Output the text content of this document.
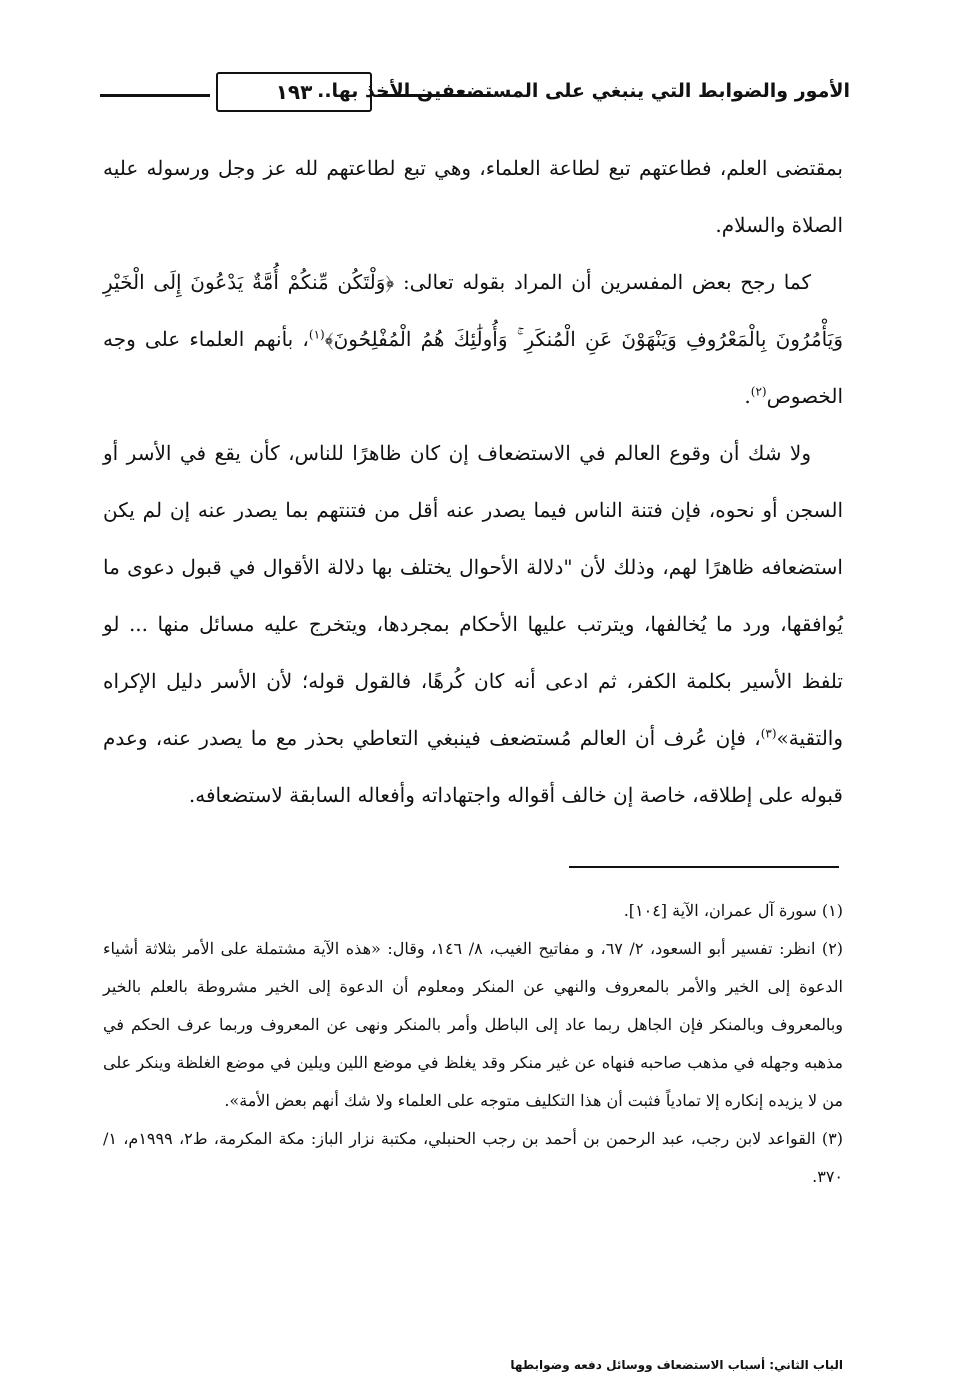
١٩٣ الأمور والضوابط التي ينبغي على المستضعفين الأخذ بها..

بمقتضى العلم، فطاعتهم تبع لطاعة العلماء، وهي تبع لطاعتهم لله عز وجل ورسوله عليه الصلاة والسلام.

كما رجح بعض المفسرين أن المراد بقوله تعالى: ﴿وَلْتَكُن مِّنكُمْ أُمَّةٌ يَدْعُونَ إِلَى الْخَيْرِ وَيَأْمُرُونَ بِالْمَعْرُوفِ وَيَنْهَوْنَ عَنِ الْمُنكَرِ ۚ وَأُولَٰئِكَ هُمُ الْمُفْلِحُونَ﴾$^{(١)}$، بأنهم العلماء على وجه الخصوص$^{(٢)}$.

ولا شك أن وقوع العالم في الاستضعاف إن كان ظاهرًا للناس، كأن يقع في الأسر أو السجن أو نحوه، فإن فتنة الناس فيما يصدر عنه أقل من فتنتهم بما يصدر عنه إن لم يكن استضعافه ظاهرًا لهم، وذلك لأن "دلالة الأحوال يختلف بها دلالة الأقوال في قبول دعوى ما يُوافقها، ورد ما يُخالفها، ويترتب عليها الأحكام بمجردها، ويتخرج عليه مسائل منها ... لو تلفظ الأسير بكلمة الكفر، ثم ادعى أنه كان كُرهًا، فالقول قوله؛ لأن الأسر دليل الإكراه والتقية»$^{(٣)}$، فإن عُرف أن العالم مُستضعف فينبغي التعاطي بحذر مع ما يصدر عنه، وعدم قبوله على إطلاقه، خاصة إن خالف أقواله واجتهاداته وأفعاله السابقة لاستضعافه.

(١) سورة آل عمران، الآية [١٠٤].

(٢) انظر: تفسير أبو السعود، ٢/ ٦٧، و مفاتيح الغيب، ٨/ ١٤٦، وقال: «هذه الآية مشتملة على الأمر بثلاثة أشياء الدعوة إلى الخير والأمر بالمعروف والنهي عن المنكر ومعلوم أن الدعوة إلى الخير مشروطة بالعلم بالخير وبالمعروف وبالمنكر فإن الجاهل ربما عاد إلى الباطل وأمر بالمنكر ونهى عن المعروف وربما عرف الحكم في مذهبه وجهله في مذهب صاحبه فنهاه عن غير منكر وقد يغلظ في موضع اللين ويلين في موضع الغلظة وينكر على من لا يزيده إنكاره إلا تمادياً فثبت أن هذا التكليف متوجه على العلماء ولا شك أنهم بعض الأمة».

(٣) القواعد لابن رجب، عبد الرحمن بن أحمد بن رجب الحنبلي، مكتبة نزار الباز: مكة المكرمة، ط٢، ١٩٩٩م، ١/ ٣٧٠.

الباب الثاني: أسباب الاستضعاف ووسائل دفعه وضوابطها
